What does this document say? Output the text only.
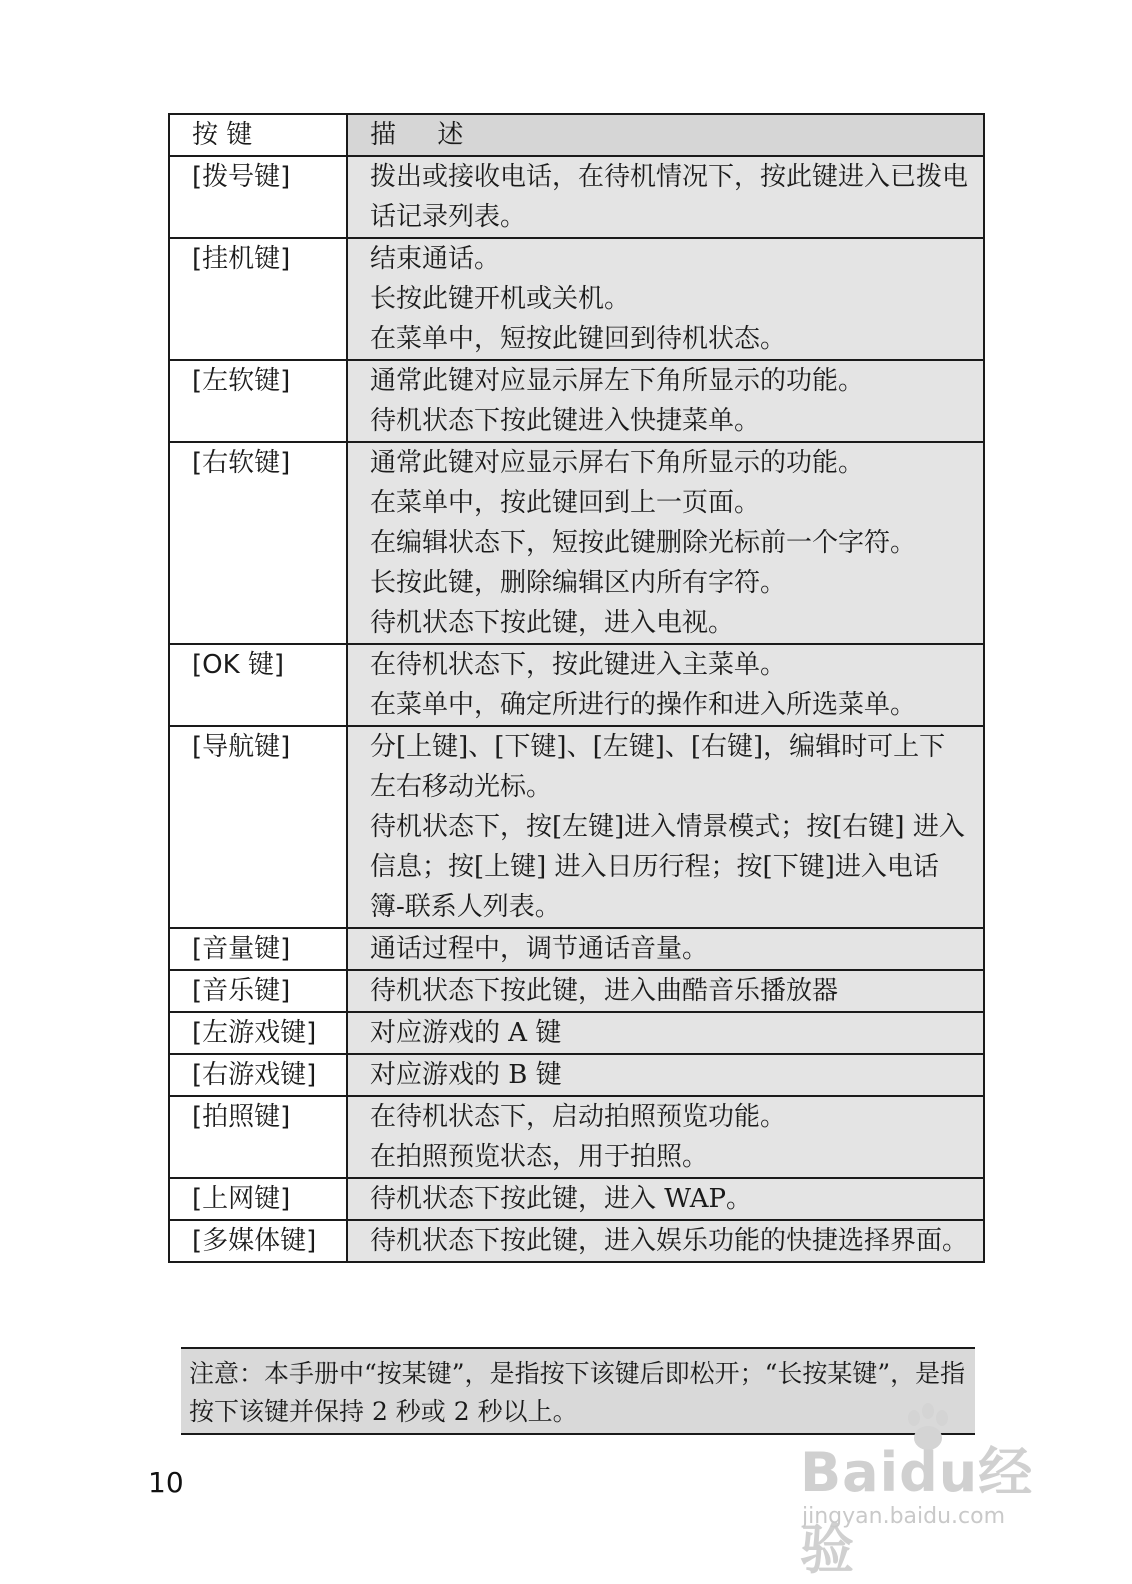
按 键	描     述
[拨号键]	拨出或接收电话，在待机情况下，按此键进入已拨电话记录列表。

[挂机键]	结束通话。
长按此键开机或关机。
在菜单中，短按此键回到待机状态。

[左软键]	通常此键对应显示屏左下角所显示的功能。
待机状态下按此键进入快捷菜单。

[右软键]	通常此键对应显示屏右下角所显示的功能。
在菜单中，按此键回到上一页面。
在编辑状态下，短按此键删除光标前一个字符。
长按此键，删除编辑区内所有字符。
待机状态下按此键，进入电视。

[OK 键]	在待机状态下，按此键进入主菜单。
在菜单中，确定所进行的操作和进入所选菜单。

[导航键]	分[上键]、[下键]、[左键]、[右键]，编辑时可上下左右移动光标。
待机状态下，按[左键]进入情景模式；按[右键] 进入信息；按[上键] 进入日历行程；按[下键]进入电话簿-联系人列表。

[音量键]	通话过程中，调节通话音量。

[音乐键]	待机状态下按此键，进入曲酷音乐播放器

[左游戏键]	对应游戏的 A 键

[右游戏键]	对应游戏的 B 键

[拍照键]	在待机状态下，启动拍照预览功能。
在拍照预览状态，用于拍照。

[上网键]	待机状态下按此键，进入 WAP。

[多媒体键]	待机状态下按此键，进入娱乐功能的快捷选择界面。
注意：本手册中“按某键”，是指按下该键后即松开；“长按某键”，是指按下该键并保持 2 秒或 2 秒以上。
10	Baidu经验
jingyan.baidu.com
